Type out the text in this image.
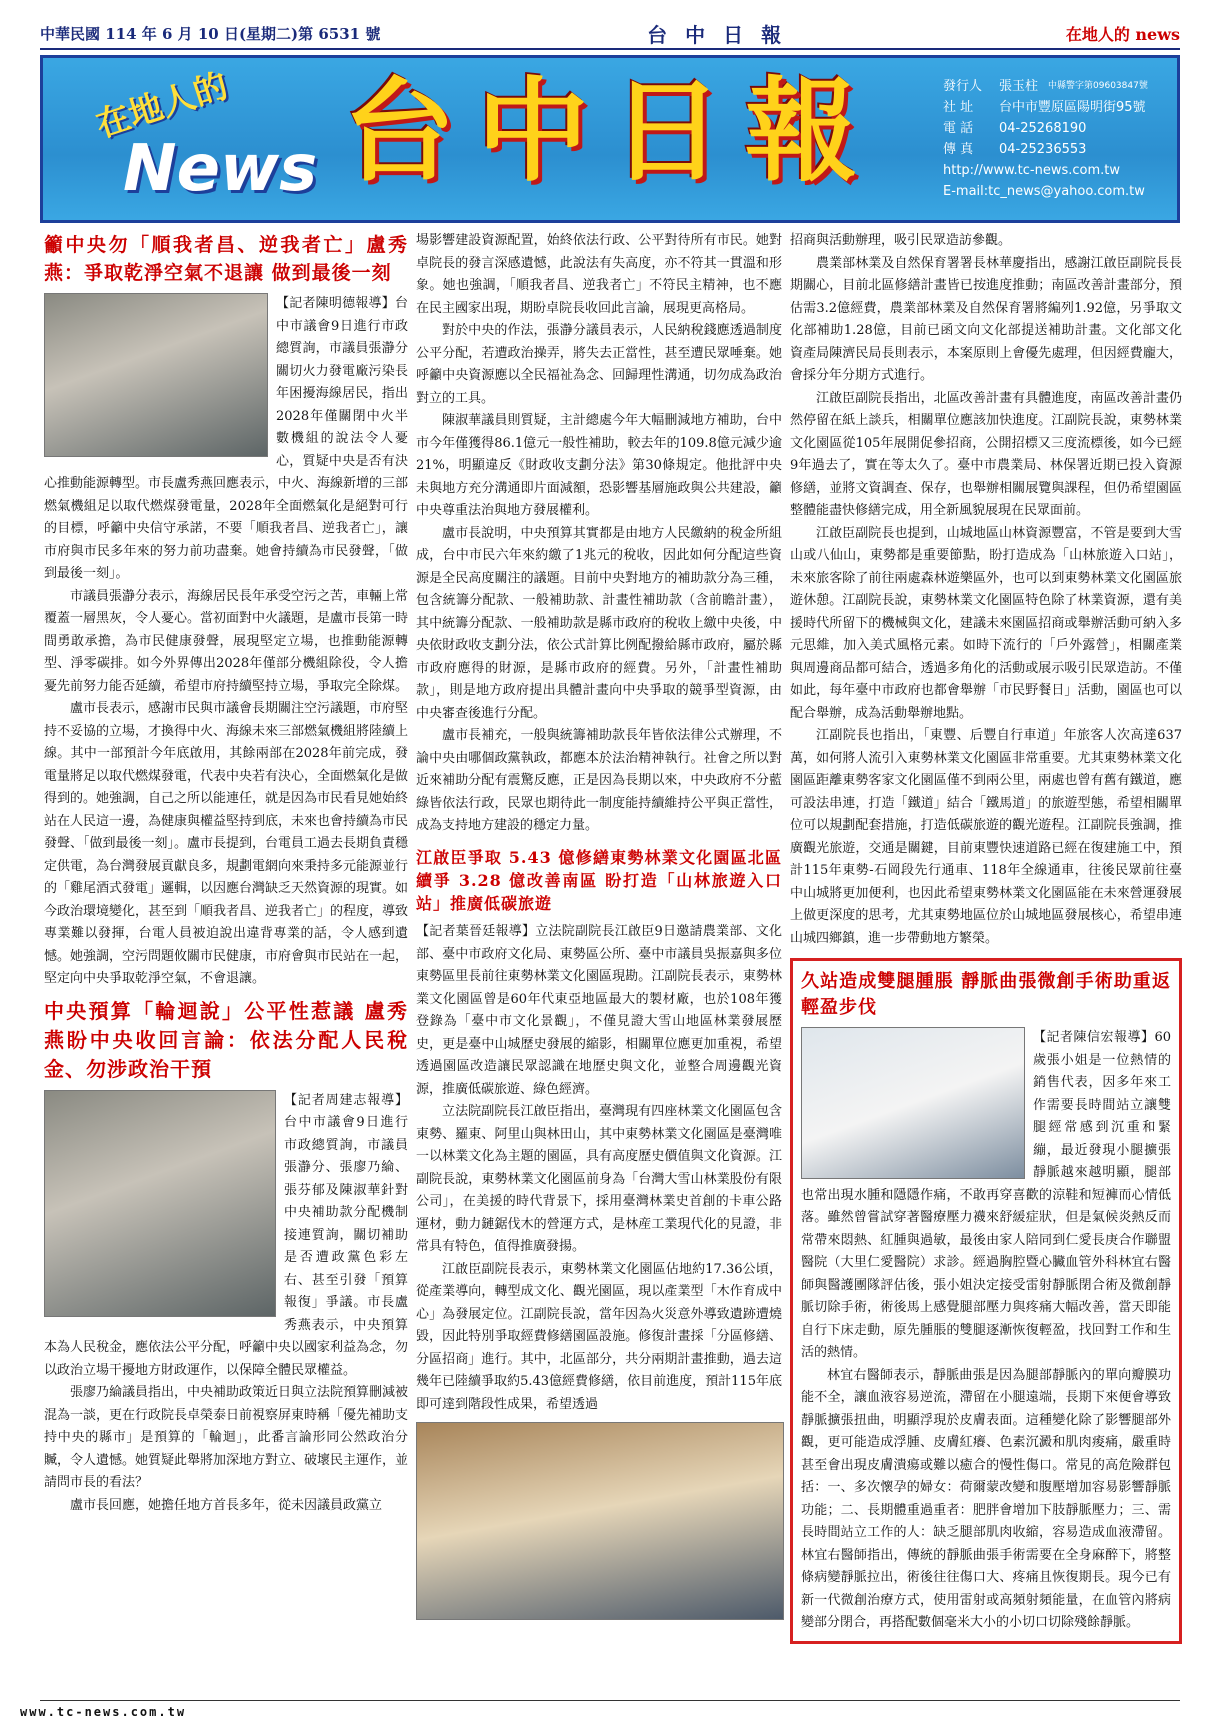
中華民國 114 年 6 月 10 日(星期二)第 6531 號	台中日報	在地人的 news
在地人的
News 台中日報	發行人	張玉柱 中縣警字第09603847號
社 址	台中市豐原區陽明街95號
電 話	04-25268190
傳 真	04-25236553
http://www.tc-news.com.tw
E-mail:tc_news@yahoo.com.tw
籲中央勿「順我者昌、逆我者亡」盧秀燕：爭取乾淨空氣不退讓 做到最後一刻

【記者陳明德報導】台中市議會9日進行市政總質詢，市議員張瀞分關切火力發電廠污染長年困擾海線居民，指出2028年僅關閉中火半數機組的說法令人憂心，質疑中央是否有決心推動能源轉型。市長盧秀燕回應表示，中火、海線新增的三部燃氣機組足以取代燃煤發電量，2028年全面燃氣化是絕對可行的目標，呼籲中央信守承諾，不要「順我者昌、逆我者亡」，讓市府與市民多年來的努力前功盡棄。她會持續為市民發聲，「做到最後一刻」。

市議員張瀞分表示，海線居民長年承受空污之苦，車輛上常覆蓋一層黑灰，令人憂心。當初面對中火議題，是盧市長第一時間勇敢承擔，為市民健康發聲，展現堅定立場，也推動能源轉型、淨零碳排。如今外界傳出2028年僅部分機組除役，令人擔憂先前努力能否延續，希望市府持續堅持立場，爭取完全除煤。

盧市長表示，感謝市民與市議會長期關注空污議題，市府堅持不妥協的立場，才換得中火、海線未來三部燃氣機組將陸續上線。其中一部預計今年底啟用，其餘兩部在2028年前完成，發電量將足以取代燃煤發電，代表中央若有決心，全面燃氣化是做得到的。她強調，自己之所以能連任，就是因為市民看見她始終站在人民這一邊，為健康與權益堅持到底，未來也會持續為市民發聲、「做到最後一刻」。盧市長提到，台電員工過去長期負責穩定供電，為台灣發展貢獻良多，規劃電網向來秉持多元能源並行的「雞尾酒式發電」邏輯，以因應台灣缺乏天然資源的現實。如今政治環境變化，甚至到「順我者昌、逆我者亡」的程度，導致專業難以發揮，台電人員被迫說出違背專業的話，令人感到遺憾。她強調，空污問題攸關市民健康，市府會與市民站在一起，堅定向中央爭取乾淨空氣，不會退讓。

中央預算「輪迴說」公平性惹議 盧秀燕盼中央收回言論：依法分配人民稅金、勿涉政治干預

【記者周建志報導】台中市議會9日進行市政總質詢，市議員張瀞分、張廖乃綸、張芬郁及陳淑華針對中央補助款分配機制接連質詢，關切補助是否遭政黨色彩左右、甚至引發「預算報復」爭議。市長盧秀燕表示，中央預算本為人民稅金，應依法公平分配，呼籲中央以國家利益為念，勿以政治立場干擾地方財政運作，以保障全體民眾權益。

張廖乃綸議員指出，中央補助政策近日與立法院預算刪減被混為一談，更在行政院長卓榮泰日前視察屏東時稱「優先補助支持中央的縣市」是預算的「輪迴」，此番言論形同公然政治分贓，令人遺憾。她質疑此舉將加深地方對立、破壞民主運作，並請問市長的看法？

盧市長回應，她擔任地方首長多年，從未因議員政黨立

場影響建設資源配置，始終依法行政、公平對待所有市民。她對卓院長的發言深感遺憾，此說法有失高度，亦不符其一貫溫和形象。她也強調，「順我者昌、逆我者亡」不符民主精神，也不應在民主國家出現，期盼卓院長收回此言論，展現更高格局。

對於中央的作法，張瀞分議員表示，人民納稅錢應透過制度公平分配，若遭政治操弄，將失去正當性，甚至遭民眾唾棄。她呼籲中央資源應以全民福祉為念、回歸理性溝通，切勿成為政治對立的工具。

陳淑華議員則質疑，主計總處今年大幅刪減地方補助，台中市今年僅獲得86.1億元一般性補助，較去年的109.8億元減少逾21%，明顯違反《財政收支劃分法》第30條規定。他批評中央未與地方充分溝通即片面減額，恐影響基層施政與公共建設，籲中央尊重法治與地方發展權利。

盧市長說明，中央預算其實都是由地方人民繳納的稅金所組成，台中市民六年來約繳了1兆元的稅收，因此如何分配這些資源是全民高度關注的議題。目前中央對地方的補助款分為三種，包含統籌分配款、一般補助款、計畫性補助款（含前瞻計畫），其中統籌分配款、一般補助款是縣市政府的稅收上繳中央後，中央依財政收支劃分法，依公式計算比例配撥給縣市政府，屬於縣市政府應得的財源，是縣市政府的經費。另外，「計畫性補助款」，則是地方政府提出具體計畫向中央爭取的競爭型資源，由中央審查後進行分配。

盧市長補充，一般與統籌補助款長年皆依法律公式辦理，不論中央由哪個政黨執政，都應本於法治精神執行。社會之所以對近來補助分配有震驚反應，正是因為長期以來，中央政府不分藍綠皆依法行政，民眾也期待此一制度能持續維持公平與正當性，成為支持地方建設的穩定力量。

江啟臣爭取 5.43 億修繕東勢林業文化園區北區 續爭 3.28 億改善南區 盼打造「山林旅遊入口站」推廣低碳旅遊

【記者葉晉廷報導】立法院副院長江啟臣9日邀請農業部、文化部、臺中市政府文化局、東勢區公所、臺中市議員吳振嘉與多位東勢區里長前往東勢林業文化園區現勘。江副院長表示，東勢林業文化園區曾是60年代東亞地區最大的製材廠，也於108年獲登錄為「臺中市文化景觀」，不僅見證大雪山地區林業發展歷史，更是臺中山城歷史發展的縮影，相關單位應更加重視，希望透過園區改造讓民眾認識在地歷史與文化，並整合周邊觀光資源，推廣低碳旅遊、綠色經濟。

立法院副院長江啟臣指出，臺灣現有四座林業文化園區包含東勢、羅東、阿里山與林田山，其中東勢林業文化園區是臺灣唯一以林業文化為主題的園區，具有高度歷史價值與文化資源。江副院長說，東勢林業文化園區前身為「台灣大雪山林業股份有限公司」，在美援的時代背景下，採用臺灣林業史首創的卡車公路運材，動力鏈鋸伐木的營運方式，是林産工業現代化的見證，非常具有特色，值得推廣發揚。

江啟臣副院長表示，東勢林業文化園區佔地約17.36公頃，從產業導向，轉型成文化、觀光園區，現以產業型「木作育成中心」為發展定位。江副院長說，當年因為火災意外導致遺跡遭燒毀，因此特別爭取經費修繕園區設施。修復計畫採「分區修繕、分區招商」進行。其中，北區部分，共分兩期計畫推動，過去這幾年已陸續爭取約5.43億經費修繕，依目前進度，預計115年底即可達到階段性成果，希望透過

招商與活動辦理，吸引民眾造訪參觀。

農業部林業及自然保育署署長林華慶指出，感謝江啟臣副院長長期關心，目前北區修繕計畫皆已按進度推動；南區改善計畫部分，預估需3.2億經費，農業部林業及自然保育署將編列1.92億，另爭取文化部補助1.28億，目前已函文向文化部提送補助計畫。文化部文化資產局陳濟民局長則表示，本案原則上會優先處理，但因經費龐大，會採分年分期方式進行。

江啟臣副院長指出，北區改善計畫有具體進度，南區改善計畫仍然停留在紙上談兵，相關單位應該加快進度。江副院長說，東勢林業文化園區從105年展開促參招商，公開招標又三度流標後，如今已經9年過去了，實在等太久了。臺中市農業局、林保署近期已投入資源修繕，並將文資調查、保存，也舉辦相關展覽與課程，但仍希望園區整體能盡快修繕完成，用全新風貌展現在民眾面前。

江啟臣副院長也提到，山城地區山林資源豐富，不管是要到大雪山或八仙山，東勢都是重要節點，盼打造成為「山林旅遊入口站」，未來旅客除了前往兩處森林遊樂區外，也可以到東勢林業文化園區旅遊休憩。江副院長說，東勢林業文化園區特色除了林業資源，還有美援時代所留下的機械與文化，建議未來園區招商或舉辦活動可納入多元思維，加入美式風格元素。如時下流行的「戶外露營」，相關產業與周邊商品都可結合，透過多角化的活動或展示吸引民眾造訪。不僅如此，每年臺中市政府也都會舉辦「市民野餐日」活動，園區也可以配合舉辦，成為活動舉辦地點。

江副院長也指出，「東豐、后豐自行車道」年旅客人次高達637萬，如何將人流引入東勢林業文化園區非常重要。尤其東勢林業文化園區距離東勢客家文化園區僅不到兩公里，兩處也曾有舊有鐵道，應可設法串連，打造「鐵道」結合「鐵馬道」的旅遊型態，希望相關單位可以規劃配套措施，打造低碳旅遊的觀光遊程。江副院長強調，推廣觀光旅遊，交通是關鍵，目前東豐快速道路已經在復建施工中，預計115年東勢-石岡段先行通車、118年全線通車，往後民眾前往臺中山城將更加便利，也因此希望東勢林業文化園區能在未來營運發展上做更深度的思考，尤其東勢地區位於山城地區發展核心，希望串連山城四鄉鎮，進一步帶動地方繁榮。

久站造成雙腿腫脹 靜脈曲張微創手術助重返輕盈步伐

【記者陳信宏報導】60歲張小姐是一位熱情的銷售代表，因多年來工作需要長時間站立讓雙腿經常感到沉重和緊繃，最近發現小腿擴張靜脈越來越明顯，腿部也常出現水腫和隱隱作痛，不敢再穿喜歡的涼鞋和短褲而心情低落。雖然曾嘗試穿著醫療壓力襪來舒緩症狀，但是氣候炎熱反而常帶來悶熱、紅腫與過敏，最後由家人陪同到仁愛長庚合作聯盟醫院（大里仁愛醫院）求診。經過胸腔暨心臟血管外科林宜右醫師與醫護團隊評估後，張小姐決定接受雷射靜脈閉合術及微創靜脈切除手術，術後馬上感覺腿部壓力與疼痛大幅改善，當天即能自行下床走動，原先腫脹的雙腿逐漸恢復輕盈，找回對工作和生活的熱情。

林宜右醫師表示，靜脈曲張是因為腿部靜脈內的單向瓣膜功能不全，讓血液容易逆流，滯留在小腿遠端，長期下來便會導致靜脈擴張扭曲，明顯浮現於皮膚表面。這種變化除了影響腿部外觀，更可能造成浮腫、皮膚紅癢、色素沉澱和肌肉痠痛，嚴重時甚至會出現皮膚潰瘍或難以癒合的慢性傷口。常見的高危險群包括：一、多次懷孕的婦女：荷爾蒙改變和腹壓增加容易影響靜脈功能；二、長期體重過重者：肥胖會增加下肢靜脈壓力；三、需長時間站立工作的人：缺乏腿部肌肉收縮，容易造成血液滯留。林宜右醫師指出，傳統的靜脈曲張手術需要在全身麻醉下，將整條病變靜脈拉出，術後往往傷口大、疼痛且恢復期長。現今已有新一代微創治療方式，使用雷射或高頻射頻能量，在血管內將病變部分閉合，再搭配數個毫米大小的小切口切除殘餘靜脈。

www.tc-news.com.tw
